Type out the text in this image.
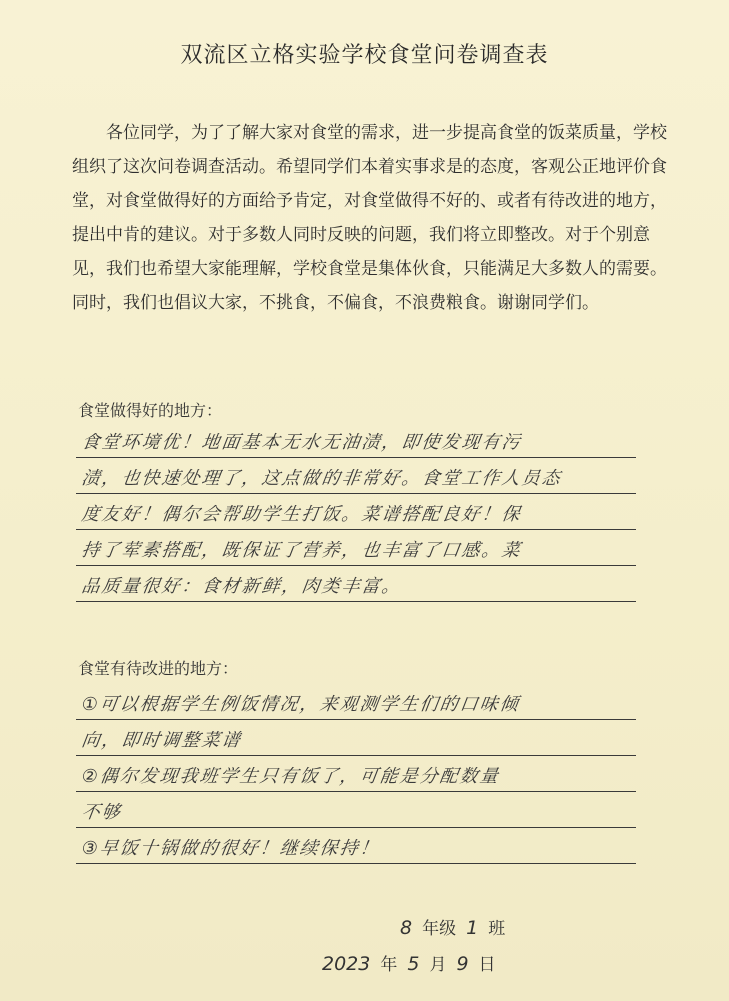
双流区立格实验学校食堂问卷调查表

各位同学，为了了解大家对食堂的需求，进一步提高食堂的饭菜质量，学校组织了这次问卷调查活动。希望同学们本着实事求是的态度，客观公正地评价食堂，对食堂做得好的方面给予肯定，对食堂做得不好的、或者有待改进的地方，提出中肯的建议。对于多数人同时反映的问题，我们将立即整改。对于个别意见，我们也希望大家能理解，学校食堂是集体伙食，只能满足大多数人的需要。同时，我们也倡议大家，不挑食，不偏食，不浪费粮食。谢谢同学们。

食堂做得好的地方：
食堂环境优！地面基本无水无油渍，即使发现有污
渍，也快速处理了，这点做的非常好。食堂工作人员态
度友好！偶尔会帮助学生打饭。菜谱搭配良好！保
持了荤素搭配，既保证了营养，也丰富了口感。菜
品质量很好：食材新鲜，肉类丰富。
食堂有待改进的地方：
①可以根据学生例饭情况，来观测学生们的口味倾
向，即时调整菜谱
②偶尔发现我班学生只有饭了，可能是分配数量
不够
③早饭十锅做的很好！继续保持！
8 年级 1 班
2023 年 5 月 9 日
